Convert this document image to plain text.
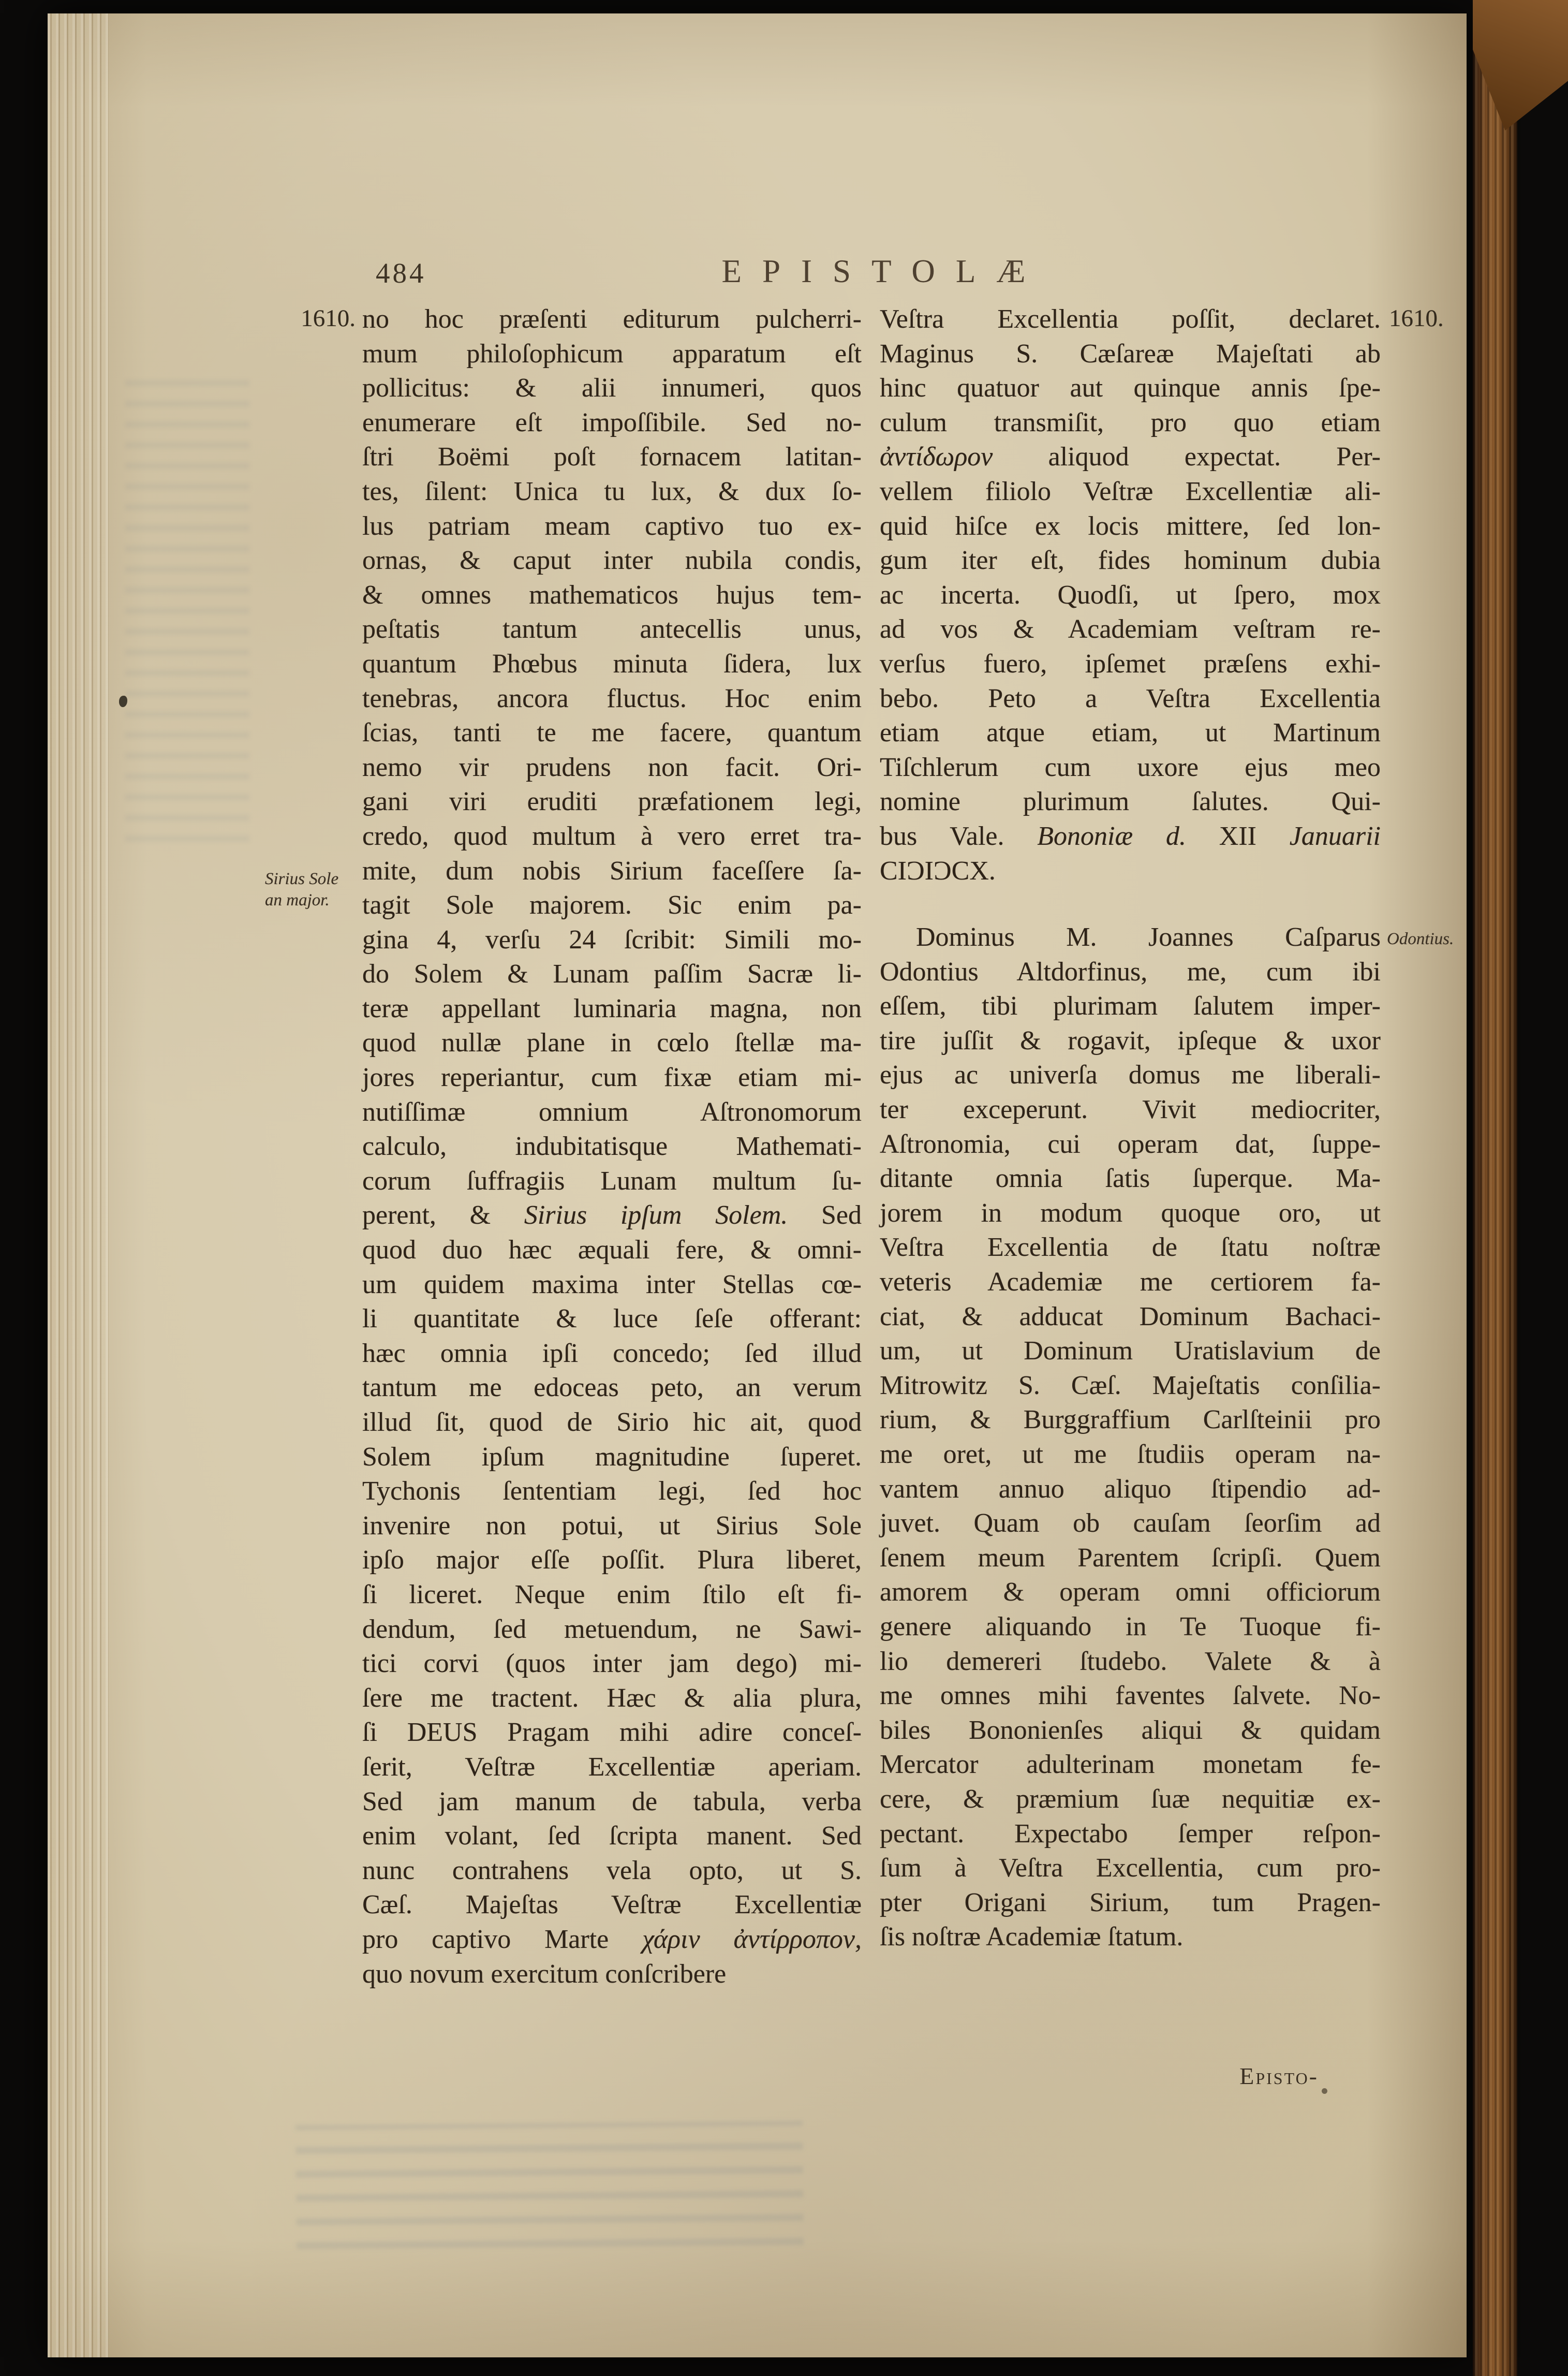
484	EPISTOLÆ
1610.
Sirius Sole
an major.
1610.
Odontius.
no hoc præſenti editurum pulcherri-
mum philoſophicum apparatum eſt
pollicitus: & alii innumeri, quos
enumerare eſt impoſſibile. Sed no-
ſtri Boëmi poſt fornacem latitan-
tes, ſilent: Unica tu lux, & dux ſo-
lus patriam meam captivo tuo ex-
ornas, & caput inter nubila condis,
& omnes mathematicos hujus tem-
peſtatis tantum antecellis unus,
quantum Phœbus minuta ſidera, lux
tenebras, ancora fluctus. Hoc enim
ſcias, tanti te me facere, quantum
nemo vir prudens non facit. Ori-
gani viri eruditi præfationem legi,
credo, quod multum à vero erret tra-
mite, dum nobis Sirium faceſſere ſa-
tagit Sole majorem. Sic enim pa-
gina 4, verſu 24 ſcribit: Simili mo-
do Solem & Lunam paſſim Sacræ li-
teræ appellant luminaria magna, non
quod nullæ plane in cœlo ſtellæ ma-
jores reperiantur, cum fixæ etiam mi-
nutiſſimæ omnium Aſtronomorum
calculo, indubitatisque Mathemati-
corum ſuffragiis Lunam multum ſu-
perent, & Sirius ipſum Solem. Sed
quod duo hæc æquali fere, & omni-
um quidem maxima inter Stellas cœ-
li quantitate & luce ſeſe offerant:
hæc omnia ipſi concedo; ſed illud
tantum me edoceas peto, an verum
illud ſit, quod de Sirio hic ait, quod
Solem ipſum magnitudine ſuperet.
Tychonis ſententiam legi, ſed hoc
invenire non potui, ut Sirius Sole
ipſo major eſſe poſſit. Plura liberet,
ſi liceret. Neque enim ſtilo eſt fi-
dendum, ſed metuendum, ne Sawi-
tici corvi (quos inter jam dego) mi-
ſere me tractent. Hæc & alia plura,
ſi DEUS Pragam mihi adire conceſ-
ſerit, Veſtræ Excellentiæ aperiam.
Sed jam manum de tabula, verba
enim volant, ſed ſcripta manent. Sed
nunc contrahens vela opto, ut S.
Cæſ. Majeſtas Veſtræ Excellentiæ
pro captivo Marte χάριν ἀντίρροπον,
quo novum exercitum conſcribere
Veſtra Excellentia poſſit, declaret.
Maginus S. Cæſareæ Majeſtati ab
hinc quatuor aut quinque annis ſpe-
culum transmiſit, pro quo etiam
ἀντίδωρον aliquod expectat. Per-
vellem filiolo Veſtræ Excellentiæ ali-
quid hiſce ex locis mittere, ſed lon-
gum iter eſt, fides hominum dubia
ac incerta. Quodſi, ut ſpero, mox
ad vos & Academiam veſtram re-
verſus fuero, ipſemet præſens exhi-
bebo. Peto a Veſtra Excellentia
etiam atque etiam, ut Martinum
Tiſchlerum cum uxore ejus meo
nomine plurimum ſalutes. Qui-
bus Vale. Bononiæ d. XII Januarii
CIƆIƆCX.
Dominus M. Joannes Caſparus
Odontius Altdorfinus, me, cum ibi
eſſem, tibi plurimam ſalutem imper-
tire juſſit & rogavit, ipſeque & uxor
ejus ac univerſa domus me liberali-
ter exceperunt. Vivit mediocriter,
Aſtronomia, cui operam dat, ſuppe-
ditante omnia ſatis ſuperque. Ma-
jorem in modum quoque oro, ut
Veſtra Excellentia de ſtatu noſtræ
veteris Academiæ me certiorem fa-
ciat, & adducat Dominum Bachaci-
um, ut Dominum Uratislavium de
Mitrowitz S. Cæſ. Majeſtatis conſilia-
rium, & Burggraffium Carlſteinii pro
me oret, ut me ſtudiis operam na-
vantem annuo aliquo ſtipendio ad-
juvet. Quam ob cauſam ſeorſim ad
ſenem meum Parentem ſcripſi. Quem
amorem & operam omni officiorum
genere aliquando in Te Tuoque fi-
lio demereri ſtudebo. Valete & à
me omnes mihi faventes ſalvete. No-
biles Bononienſes aliqui & quidam
Mercator adulterinam monetam fe-
cere, & præmium ſuæ nequitiæ ex-
pectant. Expectabo ſemper reſpon-
ſum à Veſtra Excellentia, cum pro-
pter Origani Sirium, tum Pragen-
ſis noſtræ Academiæ ſtatum.
Episto-
